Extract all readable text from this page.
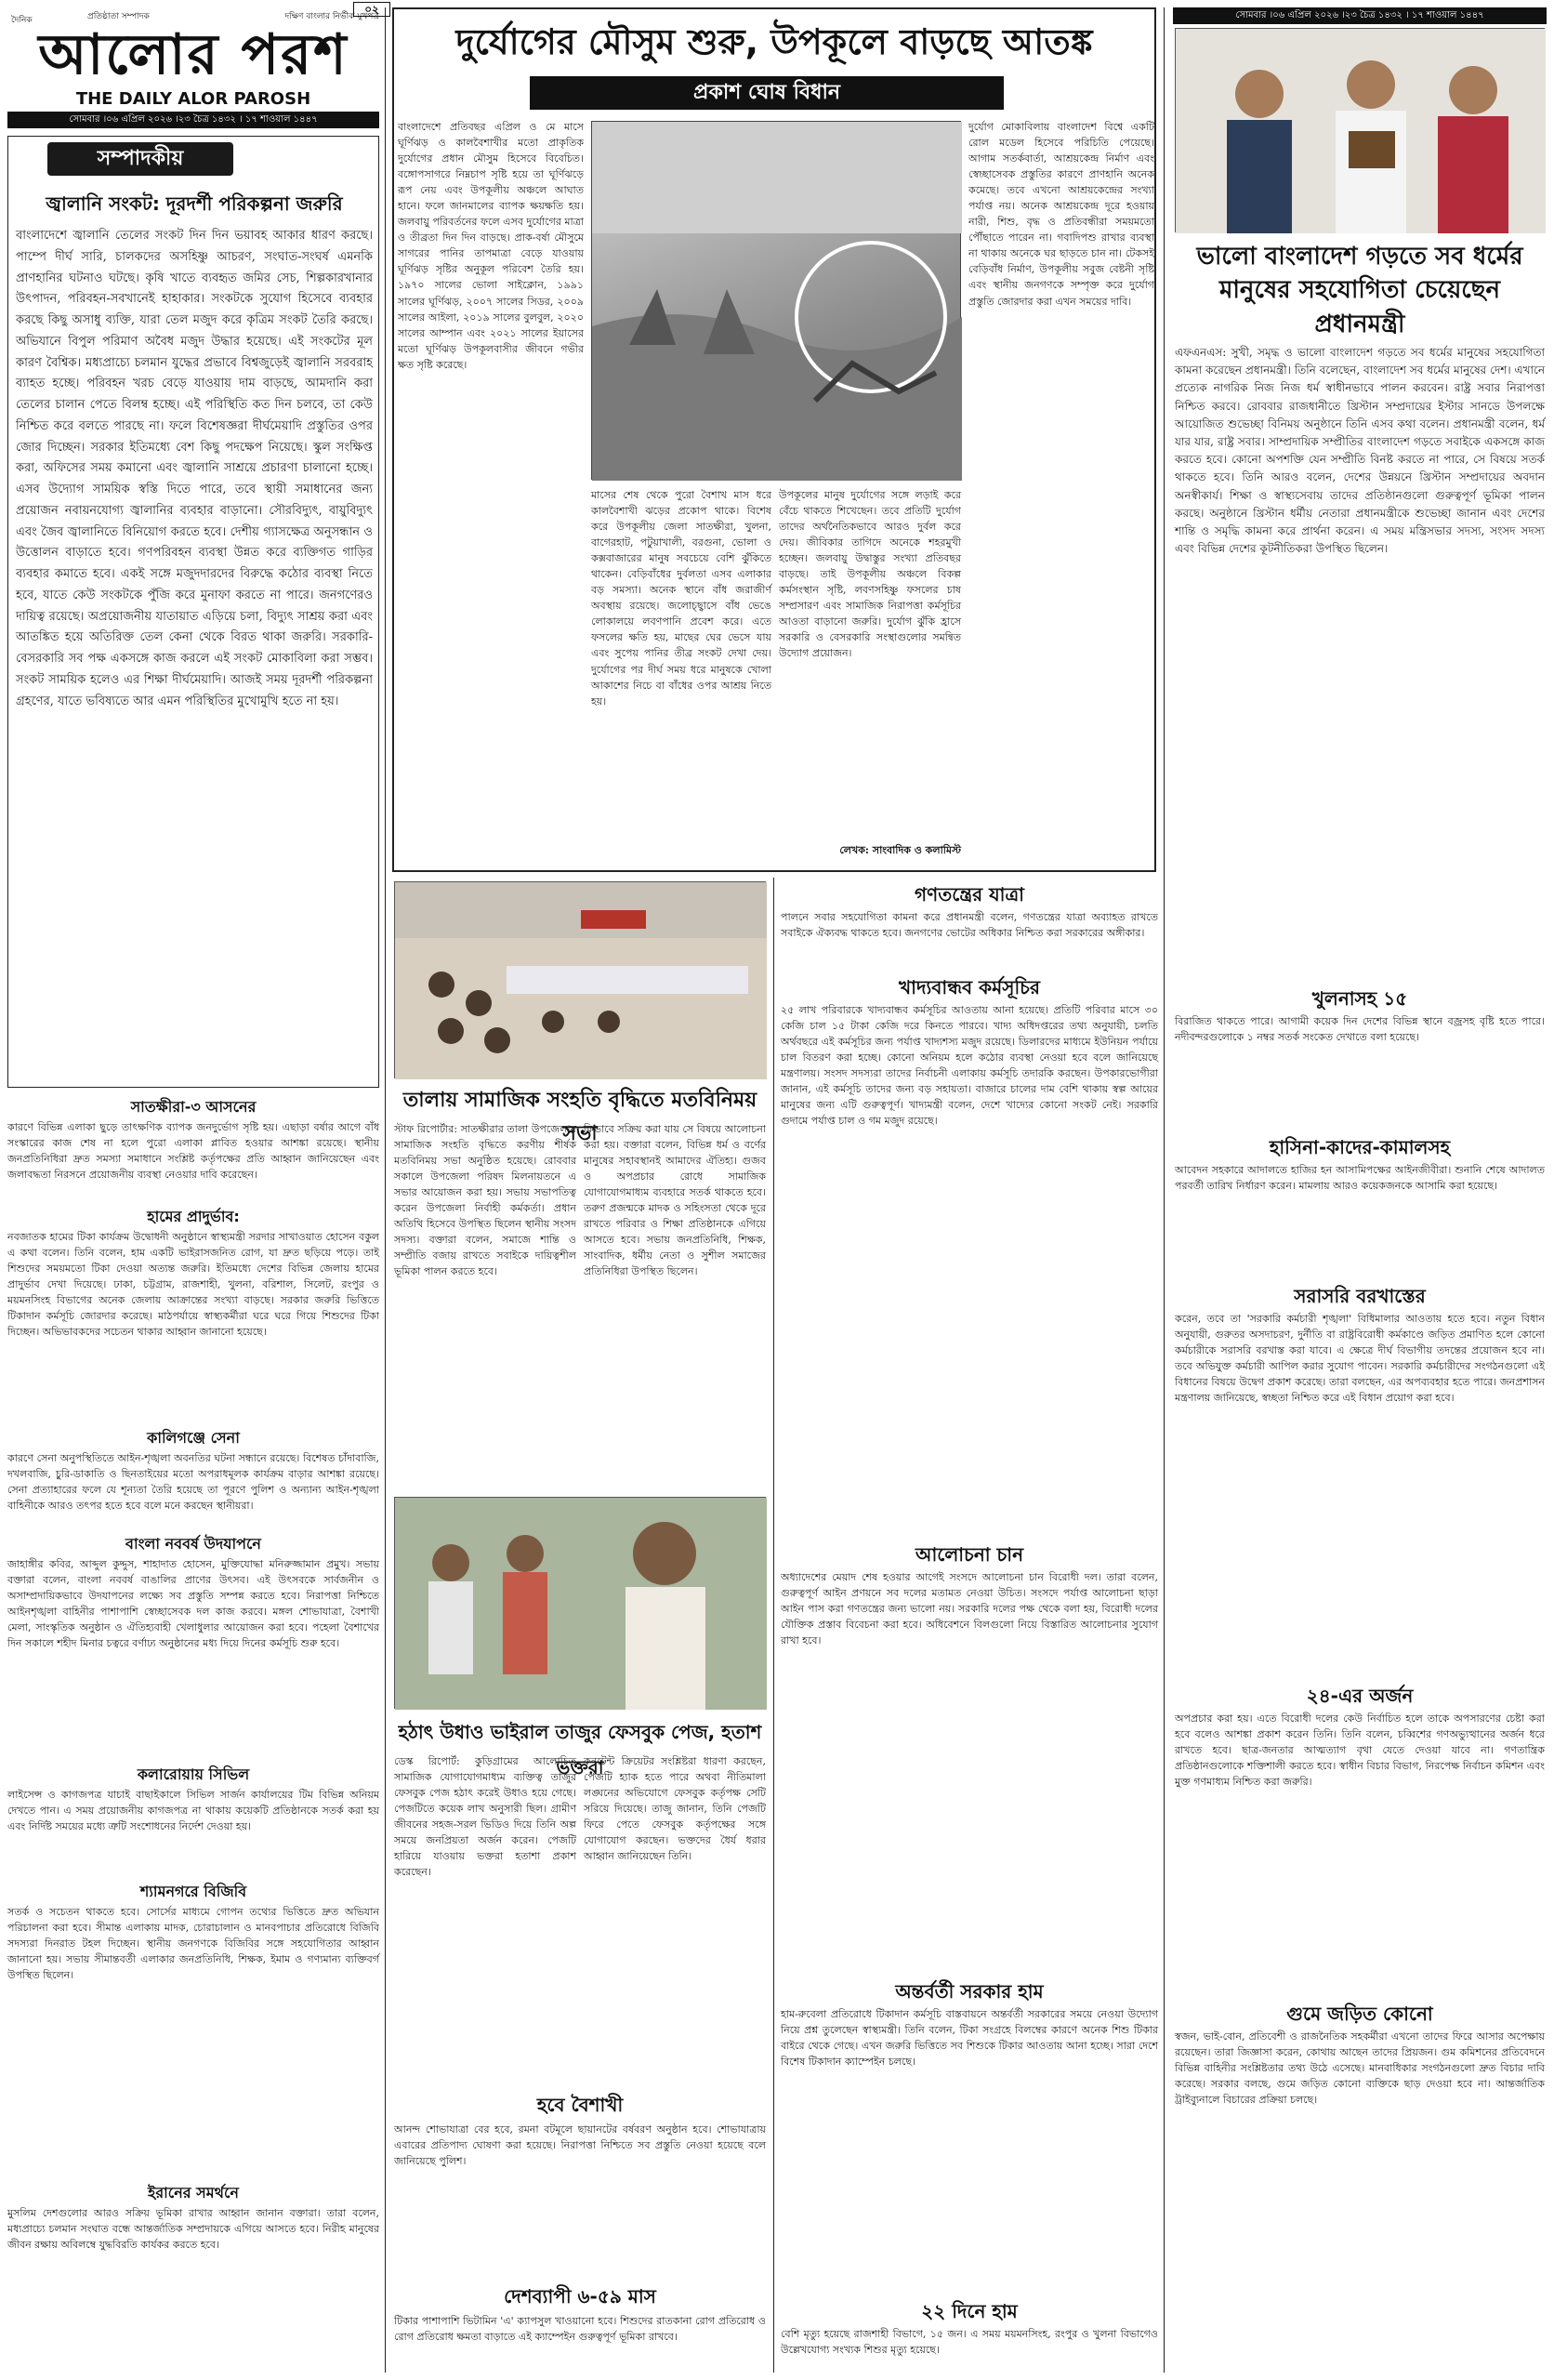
দৈনিক	প্রতিষ্ঠাতা সম্পাদক	দক্ষিণ বাংলার নির্ভীক মুখপত্র
আলোর পরশ
THE DAILY ALOR PAROSH
সোমবার ।০৬ এপ্রিল ২০২৬ ।২৩ চৈত্র ১৪৩২ । ১৭ শাওয়াল ১৪৪৭
০২
সম্পাদকীয়
জ্বালানি সংকট: দূরদর্শী পরিকল্পনা জরুরি
বাংলাদেশে জ্বালানি তেলের সংকট দিন দিন ভয়াবহ আকার ধারণ করছে। পাম্পে দীর্ঘ সারি, চালকদের অসহিষ্ণু আচরণ, সংঘাত-সংঘর্ষ এমনকি প্রাণহানির ঘটনাও ঘটছে। কৃষি খাতে ব্যবহৃত জমির সেচ, শিল্পকারখানার উৎপাদন, পরিবহন-সবখানেই হাহাকার। সংকটকে সুযোগ হিসেবে ব্যবহার করছে কিছু অসাধু ব্যক্তি, যারা তেল মজুদ করে কৃত্রিম সংকট তৈরি করছে। অভিযানে বিপুল পরিমাণ অবৈধ মজুদ উদ্ধার হয়েছে। এই সংকটের মূল কারণ বৈশ্বিক। মধ্যপ্রাচ্যে চলমান যুদ্ধের প্রভাবে বিশ্বজুড়েই জ্বালানি সরবরাহ ব্যাহত হচ্ছে। পরিবহন খরচ বেড়ে যাওয়ায় দাম বাড়ছে, আমদানি করা তেলের চালান পেতে বিলম্ব হচ্ছে। এই পরিস্থিতি কত দিন চলবে, তা কেউ নিশ্চিত করে বলতে পারছে না। ফলে বিশেষজ্ঞরা দীর্ঘমেয়াদি প্রস্তুতির ওপর জোর দিচ্ছেন। সরকার ইতিমধ্যে বেশ কিছু পদক্ষেপ নিয়েছে। স্কুল সংক্ষিপ্ত করা, অফিসের সময় কমানো এবং জ্বালানি সাশ্রয়ে প্রচারণা চালানো হচ্ছে। এসব উদ্যোগ সাময়িক স্বস্তি দিতে পারে, তবে স্থায়ী সমাধানের জন্য প্রয়োজন নবায়নযোগ্য জ্বালানির ব্যবহার বাড়ানো। সৌরবিদ্যুৎ, বায়ুবিদ্যুৎ এবং জৈব জ্বালানিতে বিনিয়োগ করতে হবে। দেশীয় গ্যাসক্ষেত্র অনুসন্ধান ও উত্তোলন বাড়াতে হবে। গণপরিবহন ব্যবস্থা উন্নত করে ব্যক্তিগত গাড়ির ব্যবহার কমাতে হবে। একই সঙ্গে মজুদদারদের বিরুদ্ধে কঠোর ব্যবস্থা নিতে হবে, যাতে কেউ সংকটকে পুঁজি করে মুনাফা করতে না পারে। জনগণেরও দায়িত্ব রয়েছে। অপ্রয়োজনীয় যাতায়াত এড়িয়ে চলা, বিদ্যুৎ সাশ্রয় করা এবং আতঙ্কিত হয়ে অতিরিক্ত তেল কেনা থেকে বিরত থাকা জরুরি। সরকারি-বেসরকারি সব পক্ষ একসঙ্গে কাজ করলে এই সংকট মোকাবিলা করা সম্ভব। সংকট সাময়িক হলেও এর শিক্ষা দীর্ঘমেয়াদি। আজই সময় দূরদর্শী পরিকল্পনা গ্রহণের, যাতে ভবিষ্যতে আর এমন পরিস্থিতির মুখোমুখি হতে না হয়।
সাতক্ষীরা-৩ আসনের
কারণে বিভিন্ন এলাকা ছুড়ে তাৎক্ষণিক ব্যাপক জনদুর্ভোগ সৃষ্টি হয়। এছাড়া বর্ষার আগে বাঁধ সংস্কারের কাজ শেষ না হলে পুরো এলাকা প্লাবিত হওয়ার আশঙ্কা রয়েছে। স্থানীয় জনপ্রতিনিধিরা দ্রুত সমস্যা সমাধানে সংশ্লিষ্ট কর্তৃপক্ষের প্রতি আহ্বান জানিয়েছেন এবং জলাবদ্ধতা নিরসনে প্রয়োজনীয় ব্যবস্থা নেওয়ার দাবি করেছেন।
হামের প্রাদুর্ভাব:
নবজাতক হামের টিকা কার্যক্রম উদ্বোধনী অনুষ্ঠানে স্বাস্থ্যমন্ত্রী সরদার সাখাওয়াত হোসেন বকুল এ কথা বলেন। তিনি বলেন, হাম একটি ভাইরাসজনিত রোগ, যা দ্রুত ছড়িয়ে পড়ে। তাই শিশুদের সময়মতো টিকা দেওয়া অত্যন্ত জরুরি। ইতিমধ্যে দেশের বিভিন্ন জেলায় হামের প্রাদুর্ভাব দেখা দিয়েছে। ঢাকা, চট্টগ্রাম, রাজশাহী, খুলনা, বরিশাল, সিলেট, রংপুর ও ময়মনসিংহ বিভাগের অনেক জেলায় আক্রান্তের সংখ্যা বাড়ছে। সরকার জরুরি ভিত্তিতে টিকাদান কর্মসূচি জোরদার করেছে। মাঠপর্যায়ে স্বাস্থ্যকর্মীরা ঘরে ঘরে গিয়ে শিশুদের টিকা দিচ্ছেন। অভিভাবকদের সচেতন থাকার আহ্বান জানানো হয়েছে।
কালিগঞ্জে সেনা
কারণে সেনা অনুপস্থিতিতে আইন-শৃঙ্খলা অবনতির ঘটনা সন্ধানে রয়েছে। বিশেষত চাঁদাবাজি, দখলবাজি, চুরি-ডাকাতি ও ছিনতাইয়ের মতো অপরাধমূলক কার্যক্রম বাড়ার আশঙ্কা রয়েছে। সেনা প্রত্যাহারের ফলে যে শূন্যতা তৈরি হয়েছে তা পূরণে পুলিশ ও অন্যান্য আইন-শৃঙ্খলা বাহিনীকে আরও তৎপর হতে হবে বলে মনে করছেন স্থানীয়রা।
বাংলা নববর্ষ উদযাপনে
জাহাঙ্গীর কবির, আব্দুল কুদ্দুস, শাহাদাত হোসেন, মুক্তিযোদ্ধা মনিরুজ্জামান প্রমুখ। সভায় বক্তারা বলেন, বাংলা নববর্ষ বাঙালির প্রাণের উৎসব। এই উৎসবকে সার্বজনীন ও অসাম্প্রদায়িকভাবে উদযাপনের লক্ষ্যে সব প্রস্তুতি সম্পন্ন করতে হবে। নিরাপত্তা নিশ্চিতে আইনশৃঙ্খলা বাহিনীর পাশাপাশি স্বেচ্ছাসেবক দল কাজ করবে। মঙ্গল শোভাযাত্রা, বৈশাখী মেলা, সাংস্কৃতিক অনুষ্ঠান ও ঐতিহ্যবাহী খেলাধুলার আয়োজন করা হবে। পহেলা বৈশাখের দিন সকালে শহীদ মিনার চত্বরে বর্ণাঢ্য অনুষ্ঠানের মধ্য দিয়ে দিনের কর্মসূচি শুরু হবে।
কলারোয়ায় সিভিল
লাইসেন্স ও কাগজপত্র যাচাই বাছাইকালে সিভিল সার্জন কার্যালয়ের টিম বিভিন্ন অনিয়ম দেখতে পান। এ সময় প্রয়োজনীয় কাগজপত্র না থাকায় কয়েকটি প্রতিষ্ঠানকে সতর্ক করা হয় এবং নির্দিষ্ট সময়ের মধ্যে ত্রুটি সংশোধনের নির্দেশ দেওয়া হয়।
শ্যামনগরে বিজিবি
সতর্ক ও সচেতন থাকতে হবে। সোর্সের মাধ্যমে গোপন তথ্যের ভিত্তিতে দ্রুত অভিযান পরিচালনা করা হবে। সীমান্ত এলাকায় মাদক, চোরাচালান ও মানবপাচার প্রতিরোধে বিজিবি সদস্যরা দিনরাত টহল দিচ্ছেন। স্থানীয় জনগণকে বিজিবির সঙ্গে সহযোগিতার আহ্বান জানানো হয়। সভায় সীমান্তবর্তী এলাকার জনপ্রতিনিধি, শিক্ষক, ইমাম ও গণ্যমান্য ব্যক্তিবর্গ উপস্থিত ছিলেন।
ইরানের সমর্থনে
মুসলিম দেশগুলোর আরও সক্রিয় ভূমিকা রাখার আহ্বান জানান বক্তারা। তারা বলেন, মধ্যপ্রাচ্যে চলমান সংঘাত বন্ধে আন্তর্জাতিক সম্প্রদায়কে এগিয়ে আসতে হবে। নিরীহ মানুষের জীবন রক্ষায় অবিলম্বে যুদ্ধবিরতি কার্যকর করতে হবে।
দুর্যোগের মৌসুম শুরু, উপকূলে বাড়ছে আতঙ্ক
প্রকাশ ঘোষ বিধান
বাংলাদেশে প্রতিবছর এপ্রিল ও মে মাসে ঘূর্ণিঝড় ও কালবৈশাখীর মতো প্রাকৃতিক দুর্যোগের প্রধান মৌসুম হিসেবে বিবেচিত। বঙ্গোপসাগরে নিম্নচাপ সৃষ্টি হয়ে তা ঘূর্ণিঝড়ে রূপ নেয় এবং উপকূলীয় অঞ্চলে আঘাত হানে। ফলে জানমালের ব্যাপক ক্ষয়ক্ষতি হয়। জলবায়ু পরিবর্তনের ফলে এসব দুর্যোগের মাত্রা ও তীব্রতা দিন দিন বাড়ছে। প্রাক-বর্ষা মৌসুমে সাগরের পানির তাপমাত্রা বেড়ে যাওয়ায় ঘূর্ণিঝড় সৃষ্টির অনুকূল পরিবেশ তৈরি হয়। ১৯৭০ সালের ভোলা সাইক্লোন, ১৯৯১ সালের ঘূর্ণিঝড়, ২০০৭ সালের সিডর, ২০০৯ সালের আইলা, ২০১৯ সালের বুলবুল, ২০২০ সালের আম্পান এবং ২০২১ সালের ইয়াসের মতো ঘূর্ণিঝড় উপকূলবাসীর জীবনে গভীর ক্ষত সৃষ্টি করেছে।
দুর্যোগ মোকাবিলায় বাংলাদেশ বিশ্বে একটি রোল মডেল হিসেবে পরিচিতি পেয়েছে। আগাম সতর্কবার্তা, আশ্রয়কেন্দ্র নির্মাণ এবং স্বেচ্ছাসেবক প্রস্তুতির কারণে প্রাণহানি অনেক কমেছে। তবে এখনো আশ্রয়কেন্দ্রের সংখ্যা পর্যাপ্ত নয়। অনেক আশ্রয়কেন্দ্র দূরে হওয়ায় নারী, শিশু, বৃদ্ধ ও প্রতিবন্ধীরা সময়মতো পৌঁছাতে পারেন না। গবাদিপশু রাখার ব্যবস্থা না থাকায় অনেকে ঘর ছাড়তে চান না। টেকসই বেড়িবাঁধ নির্মাণ, উপকূলীয় সবুজ বেষ্টনী সৃষ্টি এবং স্থানীয় জনগণকে সম্পৃক্ত করে দুর্যোগ প্রস্তুতি জোরদার করা এখন সময়ের দাবি।
মাসের শেষ থেকে পুরো বৈশাখ মাস ধরে কালবৈশাখী ঝড়ের প্রকোপ থাকে। বিশেষ করে উপকূলীয় জেলা সাতক্ষীরা, খুলনা, বাগেরহাট, পটুয়াখালী, বরগুনা, ভোলা ও কক্সবাজারের মানুষ সবচেয়ে বেশি ঝুঁকিতে থাকেন। বেড়িবাঁধের দুর্বলতা এসব এলাকার বড় সমস্যা। অনেক স্থানে বাঁধ জরাজীর্ণ অবস্থায় রয়েছে। জলোচ্ছ্বাসে বাঁধ ভেঙে লোকালয়ে লবণপানি প্রবেশ করে। এতে ফসলের ক্ষতি হয়, মাছের ঘের ভেসে যায় এবং সুপেয় পানির তীব্র সংকট দেখা দেয়। দুর্যোগের পর দীর্ঘ সময় ধরে মানুষকে খোলা আকাশের নিচে বা বাঁধের ওপর আশ্রয় নিতে হয়।
উপকূলের মানুষ দুর্যোগের সঙ্গে লড়াই করে বেঁচে থাকতে শিখেছেন। তবে প্রতিটি দুর্যোগ তাদের অর্থনৈতিকভাবে আরও দুর্বল করে দেয়। জীবিকার তাগিদে অনেকে শহরমুখী হচ্ছেন। জলবায়ু উদ্বাস্তুর সংখ্যা প্রতিবছর বাড়ছে। তাই উপকূলীয় অঞ্চলে বিকল্প কর্মসংস্থান সৃষ্টি, লবণসহিষ্ণু ফসলের চাষ সম্প্রসারণ এবং সামাজিক নিরাপত্তা কর্মসূচির আওতা বাড়ানো জরুরি। দুর্যোগ ঝুঁকি হ্রাসে সরকারি ও বেসরকারি সংস্থাগুলোর সমন্বিত উদ্যোগ প্রয়োজন।
লেখক: সাংবাদিক ও কলামিস্ট
সোমবার ।০৬ এপ্রিল ২০২৬ ।২৩ চৈত্র ১৪৩২ । ১৭ শাওয়াল ১৪৪৭
ভালো বাংলাদেশ গড়তে সব ধর্মের মানুষের সহযোগিতা চেয়েছেন প্রধানমন্ত্রী
এফএনএস: সুখী, সমৃদ্ধ ও ভালো বাংলাদেশ গড়তে সব ধর্মের মানুষের সহযোগিতা কামনা করেছেন প্রধানমন্ত্রী। তিনি বলেছেন, বাংলাদেশ সব ধর্মের মানুষের দেশ। এখানে প্রত্যেক নাগরিক নিজ নিজ ধর্ম স্বাধীনভাবে পালন করবেন। রাষ্ট্র সবার নিরাপত্তা নিশ্চিত করবে। রোববার রাজধানীতে খ্রিস্টান সম্প্রদায়ের ইস্টার সানডে উপলক্ষে আয়োজিত শুভেচ্ছা বিনিময় অনুষ্ঠানে তিনি এসব কথা বলেন। প্রধানমন্ত্রী বলেন, ধর্ম যার যার, রাষ্ট্র সবার। সাম্প্রদায়িক সম্প্রীতির বাংলাদেশ গড়তে সবাইকে একসঙ্গে কাজ করতে হবে। কোনো অপশক্তি যেন সম্প্রীতি বিনষ্ট করতে না পারে, সে বিষয়ে সতর্ক থাকতে হবে। তিনি আরও বলেন, দেশের উন্নয়নে খ্রিস্টান সম্প্রদায়ের অবদান অনস্বীকার্য। শিক্ষা ও স্বাস্থ্যসেবায় তাদের প্রতিষ্ঠানগুলো গুরুত্বপূর্ণ ভূমিকা পালন করছে। অনুষ্ঠানে খ্রিস্টান ধর্মীয় নেতারা প্রধানমন্ত্রীকে শুভেচ্ছা জানান এবং দেশের শান্তি ও সমৃদ্ধি কামনা করে প্রার্থনা করেন। এ সময় মন্ত্রিসভার সদস্য, সংসদ সদস্য এবং বিভিন্ন দেশের কূটনীতিকরা উপস্থিত ছিলেন।
খুলনাসহ ১৫
বিরাজিত থাকতে পারে। আগামী কয়েক দিন দেশের বিভিন্ন স্থানে বজ্রসহ বৃষ্টি হতে পারে। নদীবন্দরগুলোকে ১ নম্বর সতর্ক সংকেত দেখাতে বলা হয়েছে।
হাসিনা-কাদের-কামালসহ
আবেদন সহকারে আদালতে হাজির হন আসামিপক্ষের আইনজীবীরা। শুনানি শেষে আদালত পরবর্তী তারিখ নির্ধারণ করেন। মামলায় আরও কয়েকজনকে আসামি করা হয়েছে।
সরাসরি বরখাস্তের
করেন, তবে তা 'সরকারি কর্মচারী শৃঙ্খলা' বিধিমালার আওতায় হতে হবে। নতুন বিধান অনুযায়ী, গুরুতর অসদাচরণ, দুর্নীতি বা রাষ্ট্রবিরোধী কর্মকাণ্ডে জড়িত প্রমাণিত হলে কোনো কর্মচারীকে সরাসরি বরখাস্ত করা যাবে। এ ক্ষেত্রে দীর্ঘ বিভাগীয় তদন্তের প্রয়োজন হবে না। তবে অভিযুক্ত কর্মচারী আপিল করার সুযোগ পাবেন। সরকারি কর্মচারীদের সংগঠনগুলো এই বিধানের বিষয়ে উদ্বেগ প্রকাশ করেছে। তারা বলছেন, এর অপব্যবহার হতে পারে। জনপ্রশাসন মন্ত্রণালয় জানিয়েছে, স্বচ্ছতা নিশ্চিত করে এই বিধান প্রয়োগ করা হবে।
২৪-এর অর্জন
অপপ্রচার করা হয়। এতে বিরোধী দলের কেউ নির্বাচিত হলে তাকে অপসারণের চেষ্টা করা হবে বলেও আশঙ্কা প্রকাশ করেন তিনি। তিনি বলেন, চব্বিশের গণঅভ্যুত্থানের অর্জন ধরে রাখতে হবে। ছাত্র-জনতার আত্মত্যাগ বৃথা যেতে দেওয়া যাবে না। গণতান্ত্রিক প্রতিষ্ঠানগুলোকে শক্তিশালী করতে হবে। স্বাধীন বিচার বিভাগ, নিরপেক্ষ নির্বাচন কমিশন এবং মুক্ত গণমাধ্যম নিশ্চিত করা জরুরি।
গুমে জড়িত কোনো
স্বজন, ভাই-বোন, প্রতিবেশী ও রাজনৈতিক সহকর্মীরা এখনো তাদের ফিরে আসার অপেক্ষায় রয়েছেন। তারা জিজ্ঞাসা করেন, কোথায় আছেন তাদের প্রিয়জন। গুম কমিশনের প্রতিবেদনে বিভিন্ন বাহিনীর সংশ্লিষ্টতার তথ্য উঠে এসেছে। মানবাধিকার সংগঠনগুলো দ্রুত বিচার দাবি করেছে। সরকার বলছে, গুমে জড়িত কোনো ব্যক্তিকে ছাড় দেওয়া হবে না। আন্তর্জাতিক ট্রাইব্যুনালে বিচারের প্রক্রিয়া চলছে।
তালায় সামাজিক সংহতি বৃদ্ধিতে মতবিনিময় সভা
স্টাফ রিপোর্টার: সাতক্ষীরার তালা উপজেলায় সামাজিক সংহতি বৃদ্ধিতে করণীয় শীর্ষক মতবিনিময় সভা অনুষ্ঠিত হয়েছে। রোববার সকালে উপজেলা পরিষদ মিলনায়তনে এ সভার আয়োজন করা হয়। সভায় সভাপতিত্ব করেন উপজেলা নির্বাহী কর্মকর্তা। প্রধান অতিথি হিসেবে উপস্থিত ছিলেন স্থানীয় সংসদ সদস্য। বক্তারা বলেন, সমাজে শান্তি ও সম্প্রীতি বজায় রাখতে সবাইকে দায়িত্বশীল ভূমিকা পালন করতে হবে।
কিভাবে সক্রিয় করা যায় সে বিষয়ে আলোচনা করা হয়। বক্তারা বলেন, বিভিন্ন ধর্ম ও বর্ণের মানুষের সহাবস্থানই আমাদের ঐতিহ্য। গুজব ও অপপ্রচার রোধে সামাজিক যোগাযোগমাধ্যম ব্যবহারে সতর্ক থাকতে হবে। তরুণ প্রজন্মকে মাদক ও সহিংসতা থেকে দূরে রাখতে পরিবার ও শিক্ষা প্রতিষ্ঠানকে এগিয়ে আসতে হবে। সভায় জনপ্রতিনিধি, শিক্ষক, সাংবাদিক, ধর্মীয় নেতা ও সুশীল সমাজের প্রতিনিধিরা উপস্থিত ছিলেন।
হঠাৎ উধাও ভাইরাল তাজুর ফেসবুক পেজ, হতাশ ভক্তরা
ডেস্ক রিপোর্ট: কুড়িগ্রামের আলোচিত সামাজিক যোগাযোগমাধ্যম ব্যক্তিত্ব তাজুর ফেসবুক পেজ হঠাৎ করেই উধাও হয়ে গেছে। পেজটিতে কয়েক লাখ অনুসারী ছিল। গ্রামীণ জীবনের সহজ-সরল ভিডিও দিয়ে তিনি অল্প সময়ে জনপ্রিয়তা অর্জন করেন। পেজটি হারিয়ে যাওয়ায় ভক্তরা হতাশা প্রকাশ করেছেন।
কনটেন্ট ক্রিয়েটর সংশ্লিষ্টরা ধারণা করছেন, পেজটি হ্যাক হতে পারে অথবা নীতিমালা লঙ্ঘনের অভিযোগে ফেসবুক কর্তৃপক্ষ সেটি সরিয়ে দিয়েছে। তাজু জানান, তিনি পেজটি ফিরে পেতে ফেসবুক কর্তৃপক্ষের সঙ্গে যোগাযোগ করছেন। ভক্তদের ধৈর্য ধরার আহ্বান জানিয়েছেন তিনি।
হবে বৈশাখী
আনন্দ শোভাযাত্রা বের হবে, রমনা বটমূলে ছায়ানটের বর্ষবরণ অনুষ্ঠান হবে। শোভাযাত্রায় এবারের প্রতিপাদ্য ঘোষণা করা হয়েছে। নিরাপত্তা নিশ্চিতে সব প্রস্তুতি নেওয়া হয়েছে বলে জানিয়েছে পুলিশ।
দেশব্যাপী ৬-৫৯ মাস
টিকার পাশাপাশি ভিটামিন 'এ' ক্যাপসুল খাওয়ানো হবে। শিশুদের রাতকানা রোগ প্রতিরোধ ও রোগ প্রতিরোধ ক্ষমতা বাড়াতে এই ক্যাম্পেইন গুরুত্বপূর্ণ ভূমিকা রাখবে।
গণতন্ত্রের যাত্রা
পালনে সবার সহযোগিতা কামনা করে প্রধানমন্ত্রী বলেন, গণতন্ত্রের যাত্রা অব্যাহত রাখতে সবাইকে ঐক্যবদ্ধ থাকতে হবে। জনগণের ভোটের অধিকার নিশ্চিত করা সরকারের অঙ্গীকার।
খাদ্যবান্ধব কর্মসূচির
২৫ লাখ পরিবারকে খাদ্যবান্ধব কর্মসূচির আওতায় আনা হয়েছে। প্রতিটি পরিবার মাসে ৩০ কেজি চাল ১৫ টাকা কেজি দরে কিনতে পারবে। খাদ্য অধিদপ্তরের তথ্য অনুযায়ী, চলতি অর্থবছরে এই কর্মসূচির জন্য পর্যাপ্ত খাদ্যশস্য মজুদ রয়েছে। ডিলারদের মাধ্যমে ইউনিয়ন পর্যায়ে চাল বিতরণ করা হচ্ছে। কোনো অনিয়ম হলে কঠোর ব্যবস্থা নেওয়া হবে বলে জানিয়েছে মন্ত্রণালয়। সংসদ সদস্যরা তাদের নির্বাচনী এলাকায় কর্মসূচি তদারকি করছেন। উপকারভোগীরা জানান, এই কর্মসূচি তাদের জন্য বড় সহায়তা। বাজারে চালের দাম বেশি থাকায় স্বল্প আয়ের মানুষের জন্য এটি গুরুত্বপূর্ণ। খাদ্যমন্ত্রী বলেন, দেশে খাদ্যের কোনো সংকট নেই। সরকারি গুদামে পর্যাপ্ত চাল ও গম মজুদ রয়েছে।
আলোচনা চান
অধ্যাদেশের মেয়াদ শেষ হওয়ার আগেই সংসদে আলোচনা চান বিরোধী দল। তারা বলেন, গুরুত্বপূর্ণ আইন প্রণয়নে সব দলের মতামত নেওয়া উচিত। সংসদে পর্যাপ্ত আলোচনা ছাড়া আইন পাস করা গণতন্ত্রের জন্য ভালো নয়। সরকারি দলের পক্ষ থেকে বলা হয়, বিরোধী দলের যৌক্তিক প্রস্তাব বিবেচনা করা হবে। অধিবেশনে বিলগুলো নিয়ে বিস্তারিত আলোচনার সুযোগ রাখা হবে।
অন্তর্বর্তী সরকার হাম
হাম-রুবেলা প্রতিরোধে টিকাদান কর্মসূচি বাস্তবায়নে অন্তর্বর্তী সরকারের সময়ে নেওয়া উদ্যোগ নিয়ে প্রশ্ন তুলেছেন স্বাস্থ্যমন্ত্রী। তিনি বলেন, টিকা সংগ্রহে বিলম্বের কারণে অনেক শিশু টিকার বাইরে থেকে গেছে। এখন জরুরি ভিত্তিতে সব শিশুকে টিকার আওতায় আনা হচ্ছে। সারা দেশে বিশেষ টিকাদান ক্যাম্পেইন চলছে।
২২ দিনে হাম
বেশি মৃত্যু হয়েছে রাজশাহী বিভাগে, ১৫ জন। এ সময় ময়মনসিংহ, রংপুর ও খুলনা বিভাগেও উল্লেখযোগ্য সংখ্যক শিশুর মৃত্যু হয়েছে।
